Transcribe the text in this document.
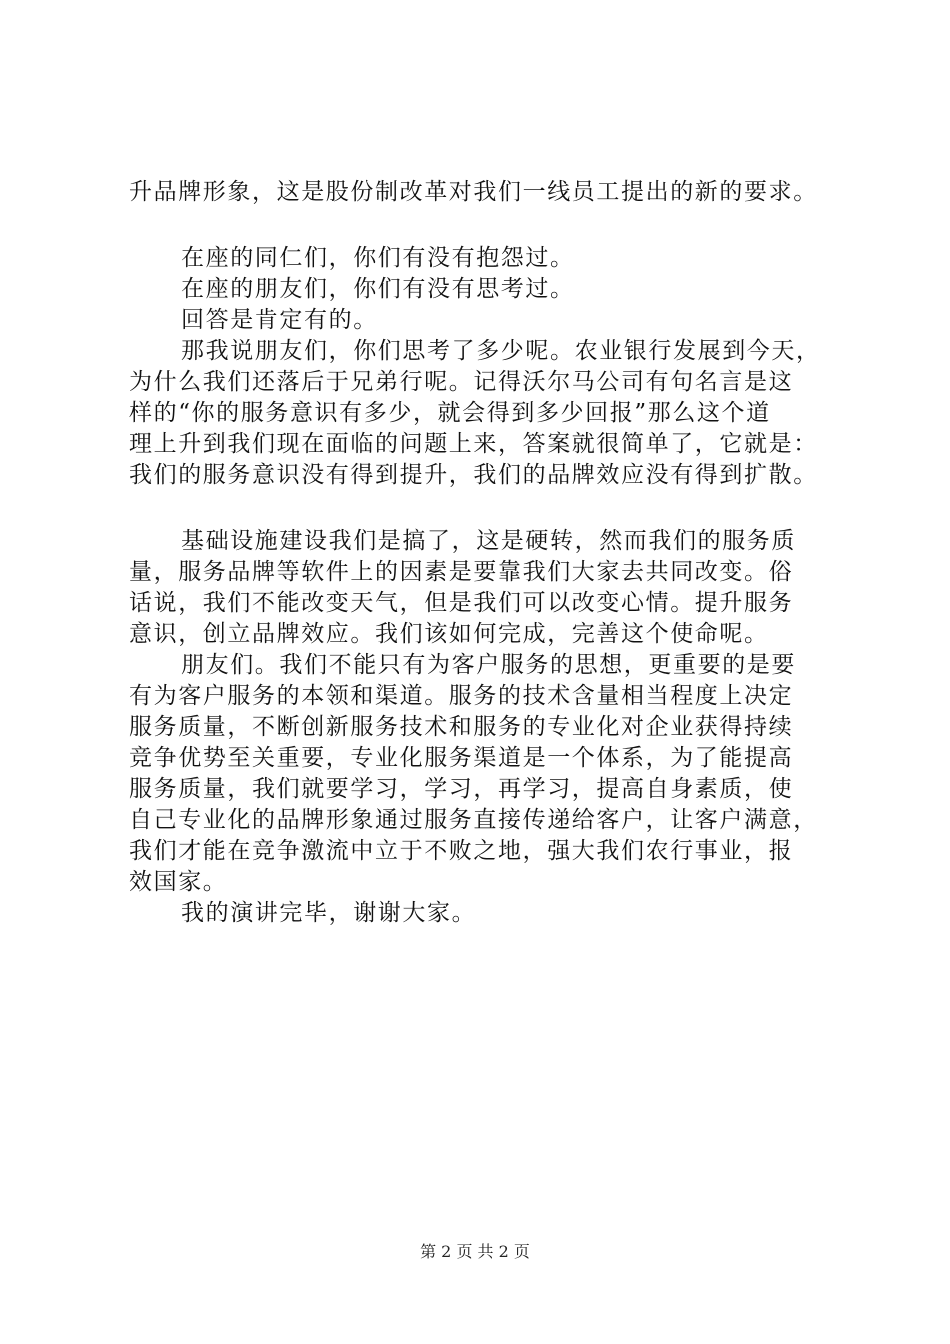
升品牌形象，这是股份制改革对我们一线员工提出的新的要求。
在座的同仁们，你们有没有抱怨过。
在座的朋友们，你们有没有思考过。
回答是肯定有的。
那我说朋友们，你们思考了多少呢。农业银行发展到今天，
为什么我们还落后于兄弟行呢。记得沃尔马公司有句名言是这
样的“你的服务意识有多少，就会得到多少回报”那么这个道
理上升到我们现在面临的问题上来，答案就很简单了，它就是：
我们的服务意识没有得到提升，我们的品牌效应没有得到扩散。
基础设施建设我们是搞了，这是硬转，然而我们的服务质
量，服务品牌等软件上的因素是要靠我们大家去共同改变。俗
话说，我们不能改变天气，但是我们可以改变心情。提升服务
意识，创立品牌效应。我们该如何完成，完善这个使命呢。
朋友们。我们不能只有为客户服务的思想，更重要的是要
有为客户服务的本领和渠道。服务的技术含量相当程度上决定
服务质量，不断创新服务技术和服务的专业化对企业获得持续
竞争优势至关重要，专业化服务渠道是一个体系，为了能提高
服务质量，我们就要学习，学习，再学习，提高自身素质，使
自己专业化的品牌形象通过服务直接传递给客户，让客户满意，
我们才能在竞争激流中立于不败之地，强大我们农行事业，报
效国家。
我的演讲完毕，谢谢大家。
第 2 页 共 2 页
